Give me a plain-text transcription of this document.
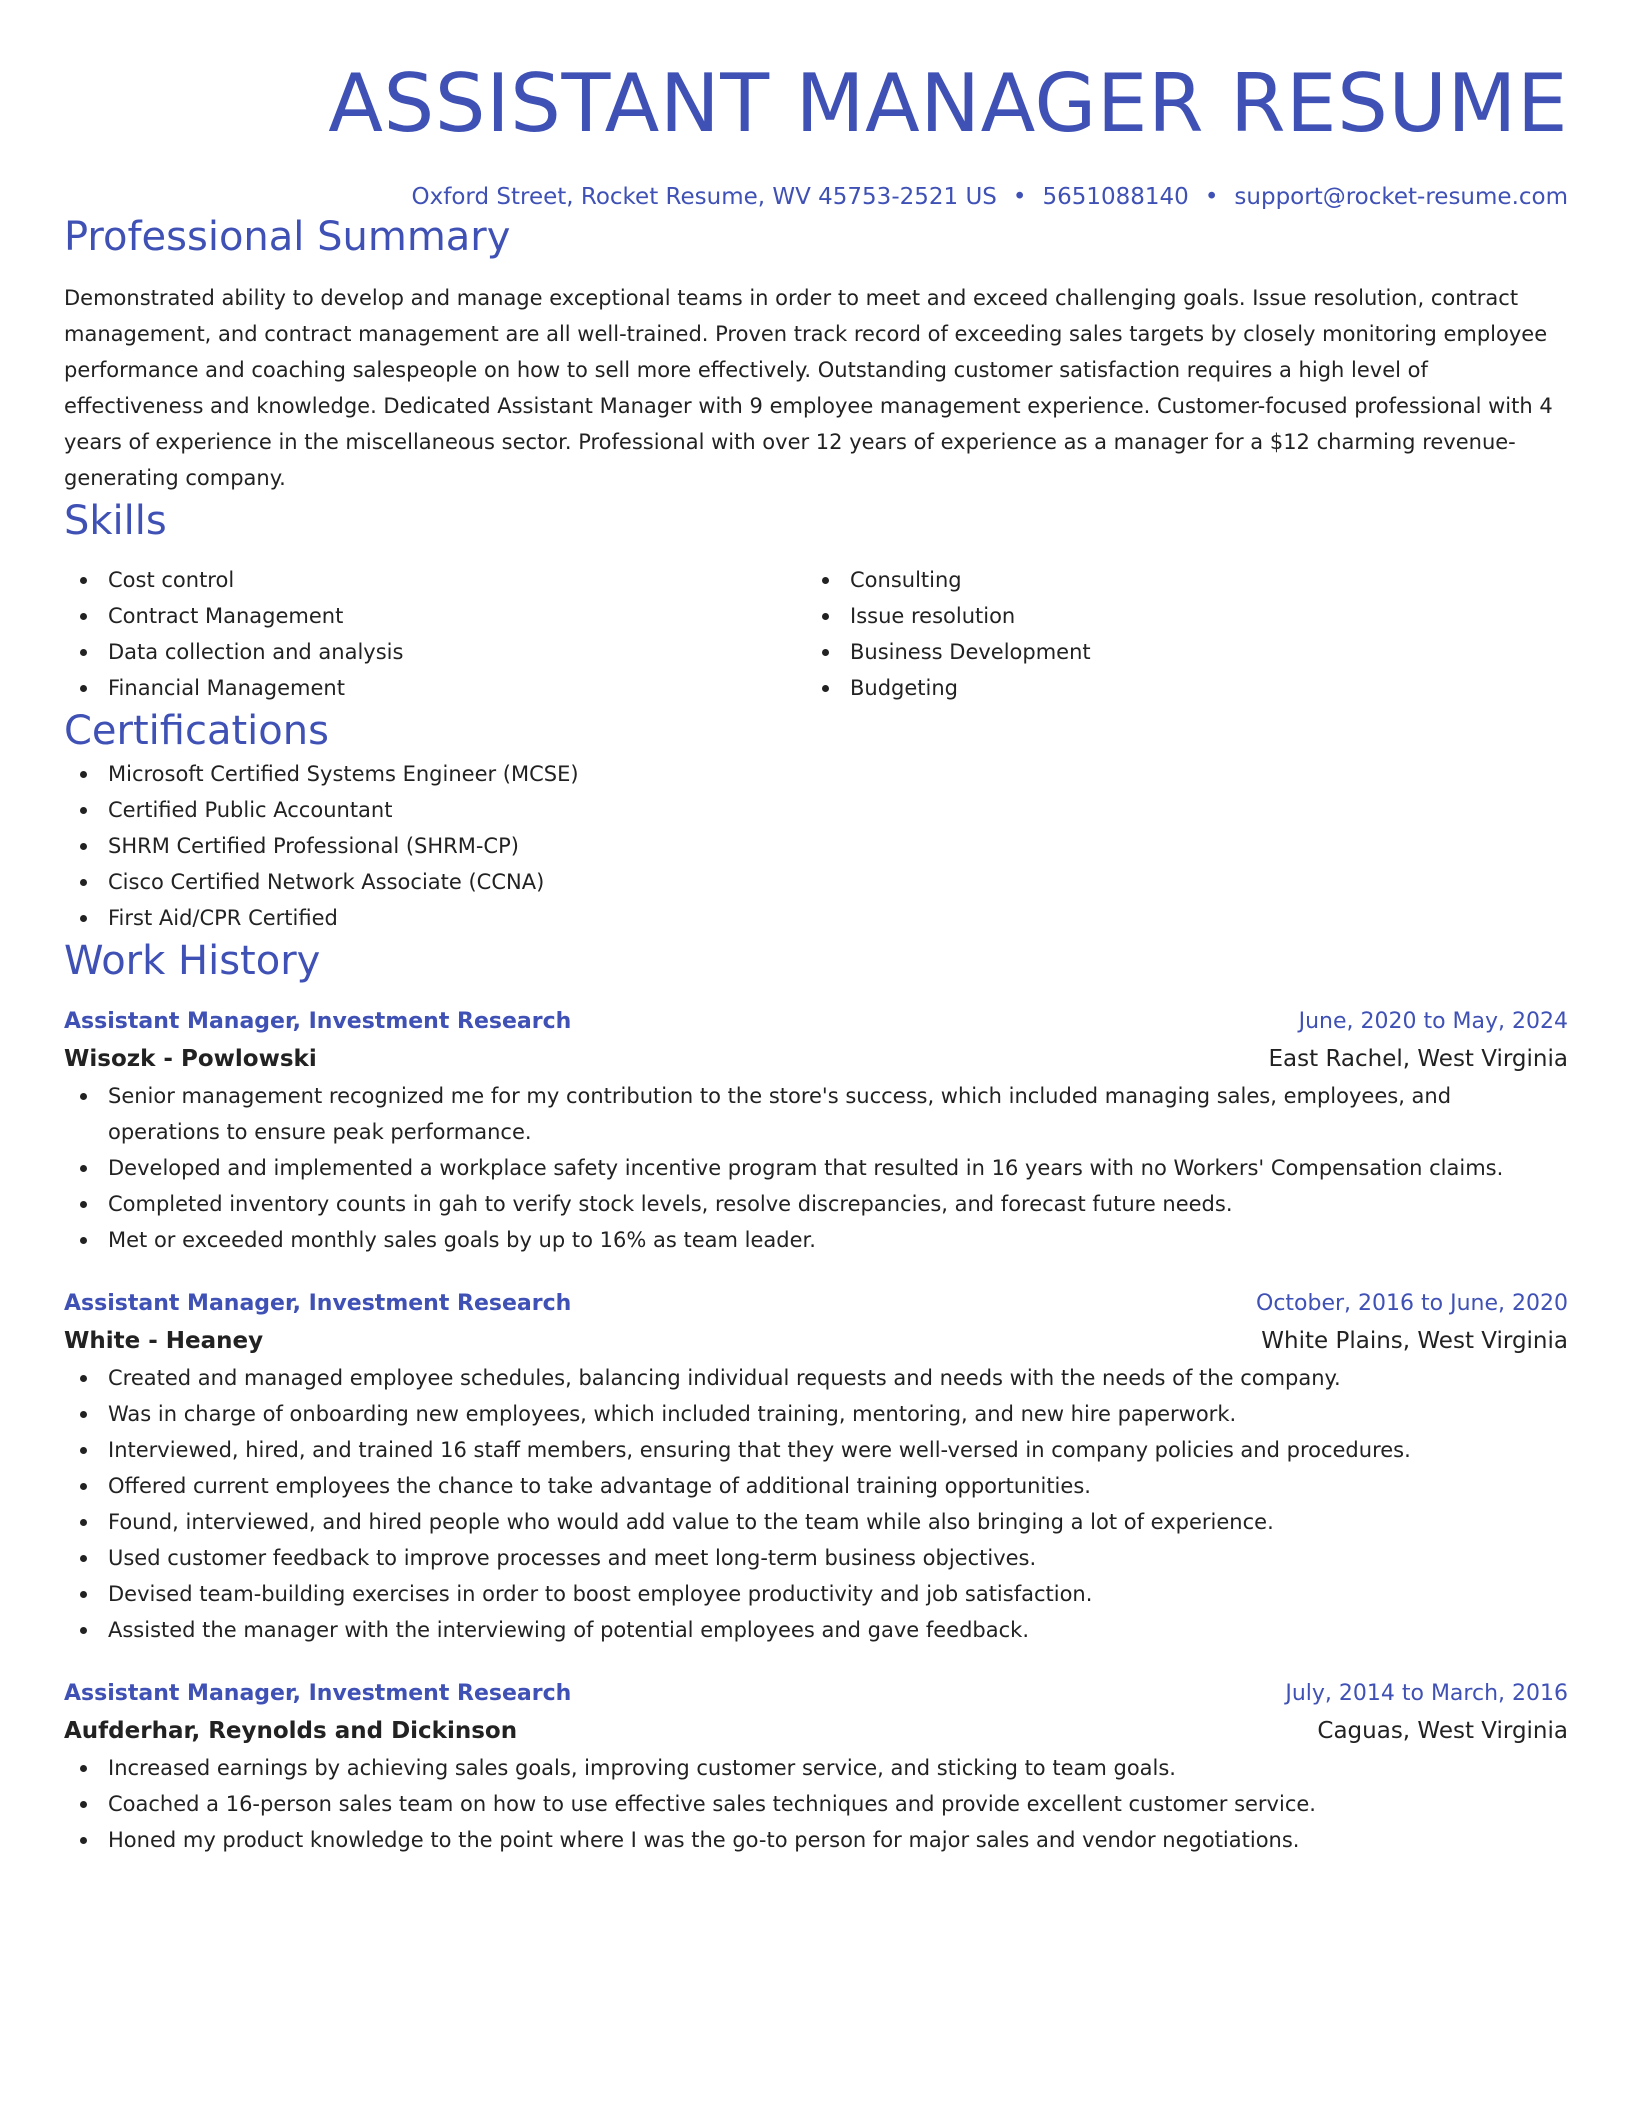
ASSISTANT MANAGER RESUME
Oxford Street, Rocket Resume, WV 45753-2521 US • 5651088140 • support@rocket-resume.com
Professional Summary

Demonstrated ability to develop and manage exceptional teams in order to meet and exceed challenging goals. Issue resolution, contract management, and contract management are all well-trained. Proven track record of exceeding sales targets by closely monitoring employee performance and coaching salespeople on how to sell more effectively. Outstanding customer satisfaction requires a high level of effectiveness and knowledge. Dedicated Assistant Manager with 9 employee management experience. Customer-focused professional with 4 years of experience in the miscellaneous sector. Professional with over 12 years of experience as a manager for a $12 charming revenue-generating company.

Skills
Cost control
Contract Management
Data collection and analysis
Financial Management
Consulting
Issue resolution
Business Development
Budgeting
Certifications
Microsoft Certified Systems Engineer (MCSE)
Certified Public Accountant
SHRM Certified Professional (SHRM-CP)
Cisco Certified Network Associate (CCNA)
First Aid/CPR Certified
Work History
Assistant Manager, Investment Research	June, 2020 to May, 2024
Wisozk - Powlowski	East Rachel, West Virginia
Senior management recognized me for my contribution to the store's success, which included managing sales, employees, and operations to ensure peak performance.
Developed and implemented a workplace safety incentive program that resulted in 16 years with no Workers' Compensation claims.
Completed inventory counts in gah to verify stock levels, resolve discrepancies, and forecast future needs.
Met or exceeded monthly sales goals by up to 16% as team leader.
Assistant Manager, Investment Research	October, 2016 to June, 2020
White - Heaney	White Plains, West Virginia
Created and managed employee schedules, balancing individual requests and needs with the needs of the company.
Was in charge of onboarding new employees, which included training, mentoring, and new hire paperwork.
Interviewed, hired, and trained 16 staff members, ensuring that they were well-versed in company policies and procedures.
Offered current employees the chance to take advantage of additional training opportunities.
Found, interviewed, and hired people who would add value to the team while also bringing a lot of experience.
Used customer feedback to improve processes and meet long-term business objectives.
Devised team-building exercises in order to boost employee productivity and job satisfaction.
Assisted the manager with the interviewing of potential employees and gave feedback.
Assistant Manager, Investment Research	July, 2014 to March, 2016
Aufderhar, Reynolds and Dickinson	Caguas, West Virginia
Increased earnings by achieving sales goals, improving customer service, and sticking to team goals.
Coached a 16-person sales team on how to use effective sales techniques and provide excellent customer service.
Honed my product knowledge to the point where I was the go-to person for major sales and vendor negotiations.
